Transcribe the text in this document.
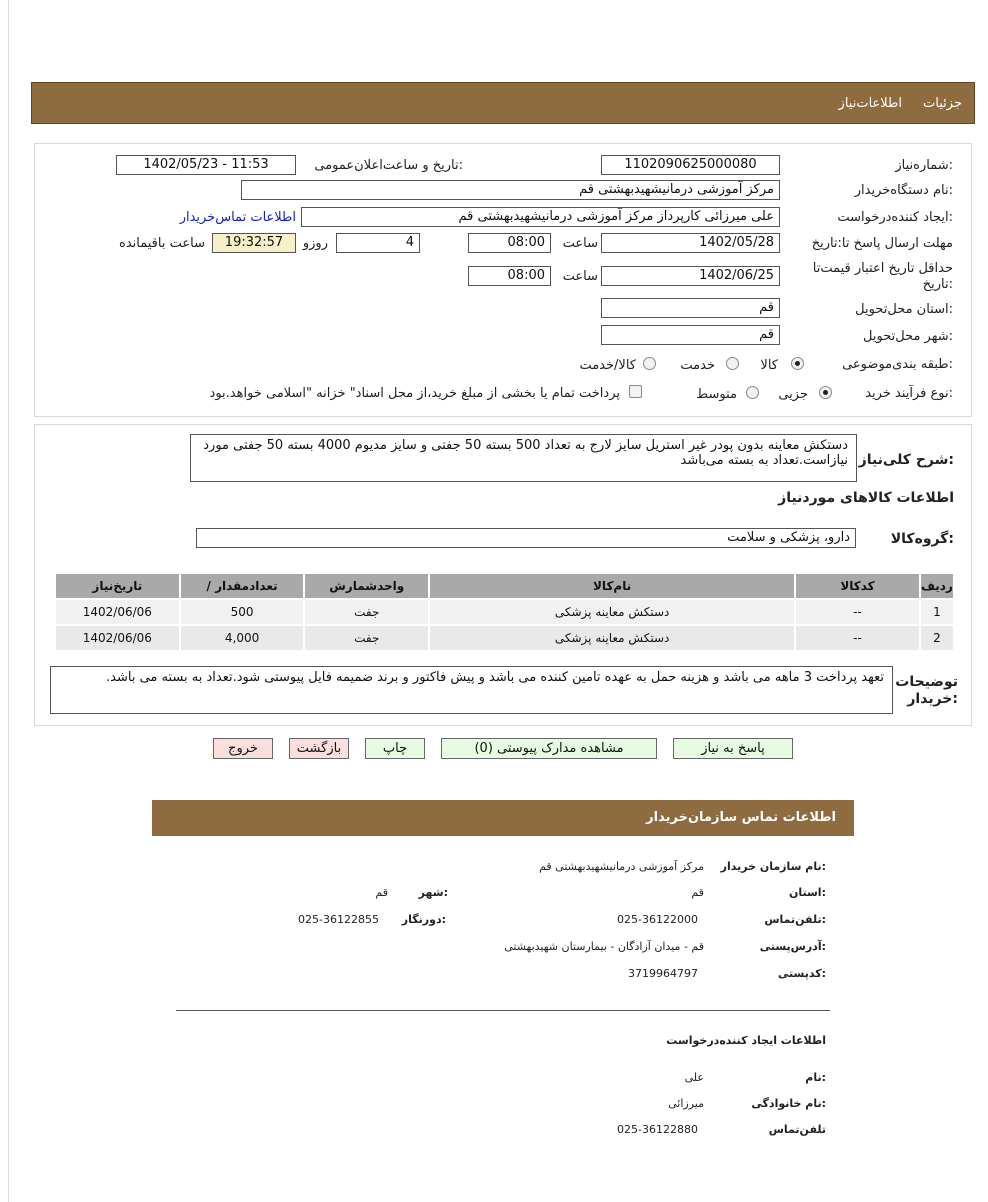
جزئیات
اطلاعات‌نیاز
شماره‌نیاز:
1102090625000080
تاریخ و ساعت‌اعلان‌عمومی:
1402/05/23 - 11:53
نام دستگاه‌خریدار:
مرکز آموزشی درمانیشهیدبهشتی قم
ایجاد کننده‌درخواست:
علی میرزائی کارپرداز مرکز آموزشی درمانیشهیدبهشتی قم
اطلاعات تماس‌خریدار
مهلت ارسال پاسخ تا:تاریخ
1402/05/28
ساعت
08:00
4
روزو
19:32:57
ساعت باقیمانده
حداقل تاریخ اعتبار قیمت‌تا
تاریخ:
1402/06/25
ساعت
08:00
استان محل‌تحویل:
قم
شهر محل‌تحویل:
قم
طبقه بندی‌موضوعی:
کالا
خدمت
کالا/خدمت
نوع فرآیند خرید:
جزیی
متوسط
پرداخت تمام یا بخشی از مبلغ خرید،از محل اسناد" خزانه "اسلامی خواهد.بود
شرح کلی‌نیاز:
دستکش معاینه بدون پودر غیر استریل سایز لارج به تعداد 500 بسته 50 جفتی و سایز مدیوم 4000 بسته 50 جفتی مورد نیازاست.تعداد به بسته می‌باشد
اطلاعات کالاهای موردنیاز
گروه‌کالا:
دارو، پزشکی و سلامت
ردیف	کدکالا	نام‌کالا	واحدشمارش	تعدادمقدار /	تاریخ‌نیاز
1	--	دستکش معاینه پزشکی	جفت	500	1402/06/06
2	--	دستکش معاینه پزشکی	جفت	4,000	1402/06/06
توضیحات
خریدار:
تعهد پرداخت 3 ماهه می باشد و هزینه حمل به عهده تامین کننده می باشد و پیش فاکتور و برند ضمیمه فایل پیوستی شود.تعداد به بسته می باشد.
پاسخ به نیاز
مشاهده مدارک پیوستی (0)
چاپ
بازگشت
خروج
اطلاعات تماس سازمان‌خریدار
نام سازمان خریدار:
مرکز آموزشی درمانیشهیدبهشتی قم
استان:
قم
شهر:
قم
تلفن‌تماس:
025-36122000
دورنگار:
025-36122855
آدرس‌پستی:
قم - میدان آزادگان - بیمارستان شهیدبهشتی
کدپستی:
3719964797
اطلاعات ایجاد کننده‌درخواست
نام:
علی
نام خانوادگی:
میرزائی
تلفن‌تماس
025-36122880
